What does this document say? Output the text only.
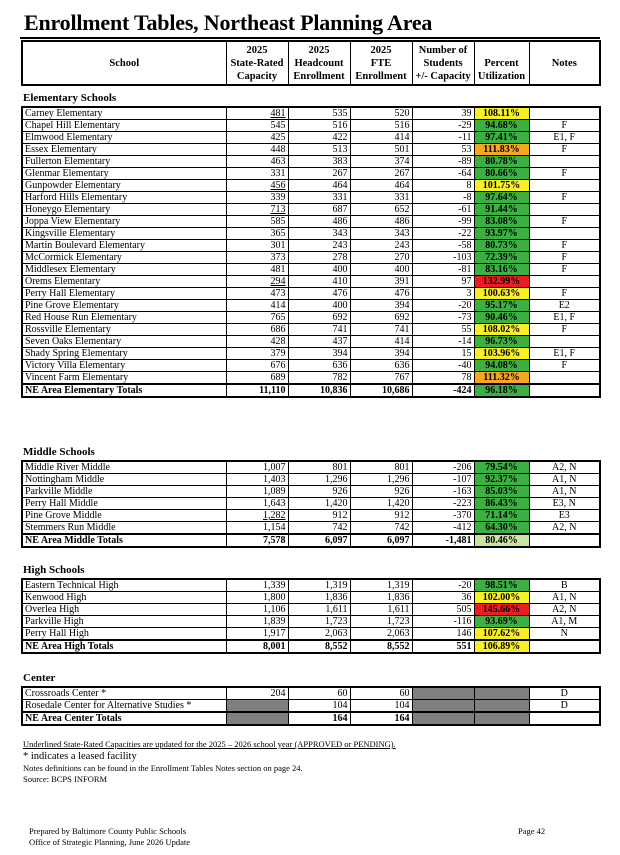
Enrollment Tables, Northeast Planning Area
School	2025
State-Rated
Capacity	2025
Headcount
Enrollment	2025
FTE
Enrollment	Number of
Students
+/- Capacity	
Percent
Utilization	Notes
Elementary Schools
Carney Elementary	481	535	520	39	108.11%	
Chapel Hill Elementary	545	516	516	-29	94.68%	F
Elmwood Elementary	425	422	414	-11	97.41%	E1, F
Essex Elementary	448	513	501	53	111.83%	F
Fullerton Elementary	463	383	374	-89	80.78%	
Glenmar Elementary	331	267	267	-64	80.66%	F
Gunpowder Elementary	456	464	464	8	101.75%	
Harford Hills Elementary	339	331	331	-8	97.64%	F
Honeygo Elementary	713	687	652	-61	91.44%	
Joppa View Elementary	585	486	486	-99	83.08%	F
Kingsville Elementary	365	343	343	-22	93.97%	
Martin Boulevard Elementary	301	243	243	-58	80.73%	F
McCormick Elementary	373	278	270	-103	72.39%	F
Middlesex Elementary	481	400	400	-81	83.16%	F
Orems Elementary	294	410	391	97	132.99%	
Perry Hall Elementary	473	476	476	3	100.63%	F
Pine Grove Elementary	414	400	394	-20	95.17%	E2
Red House Run Elementary	765	692	692	-73	90.46%	E1, F
Rossville Elementary	686	741	741	55	108.02%	F
Seven Oaks Elementary	428	437	414	-14	96.73%	
Shady Spring Elementary	379	394	394	15	103.96%	E1, F
Victory Villa Elementary	676	636	636	-40	94.08%	F
Vincent Farm Elementary	689	782	767	78	111.32%	
NE Area Elementary Totals	11,110	10,836	10,686	-424	96.18%	
Middle Schools
Middle River Middle	1,007	801	801	-206	79.54%	A2, N
Nottingham Middle	1,403	1,296	1,296	-107	92.37%	A1, N
Parkville Middle	1,089	926	926	-163	85.03%	A1, N
Perry Hall Middle	1,643	1,420	1,420	-223	86.43%	E3, N
Pine Grove Middle	1,282	912	912	-370	71.14%	E3
Stemmers Run Middle	1,154	742	742	-412	64.30%	A2, N
NE Area Middle Totals	7,578	6,097	6,097	-1,481	80.46%	
High Schools
Eastern Technical High	1,339	1,319	1,319	-20	98.51%	B
Kenwood High	1,800	1,836	1,836	36	102.00%	A1, N
Overlea High	1,106	1,611	1,611	505	145.66%	A2, N
Parkville High	1,839	1,723	1,723	-116	93.69%	A1, M
Perry Hall High	1,917	2,063	2,063	146	107.62%	N
NE Area High Totals	8,001	8,552	8,552	551	106.89%	
Center
Crossroads Center *	204	60	60			D
Rosedale Center for Alternative Studies *		104	104			D
NE Area Center Totals		164	164			

Underlined State-Rated Capacities are updated for the 2025 – 2026 school year (APPROVED or PENDING).

* indicates a leased facility

Notes definitions can be found in the Enrollment Tables Notes section on page 24.

Source: BCPS INFORM

Prepared by Baltimore County Public Schools

Office of Strategic Planning, June 2026 Update

Page 42
